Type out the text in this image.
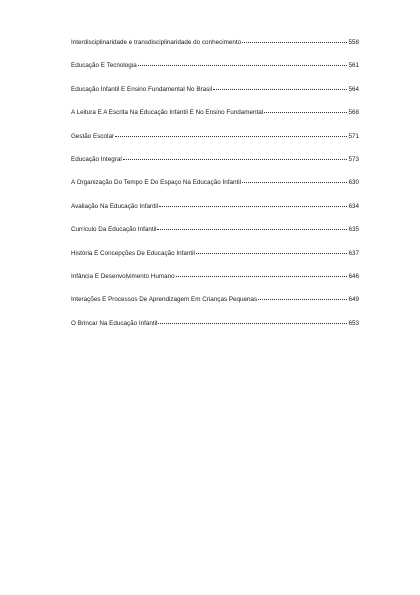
Interdisciplinaridade e transdisciplinaridade do conhecimento	558
Educação E Tecnologia	561
Educação Infantil E Ensino Fundamental No Brasil	564
A Leitura E A Escrita Na Educação Infantil E No Ensino Fundamental	568
Gestão Escolar	571
Educação Integral	573
A Organização Do Tempo E Do Espaço Na Educação Infantil	630
Avaliação Na Educação Infantil	634
Currículo Da Educação Infantil	635
História E Concepções De Educação Infantil	637
Infância E Desenvolvimento Humano	646
Interações E Processos De Aprendizagem Em Crianças Pequenas	649
O Brincar Na Educação Infantil	653
